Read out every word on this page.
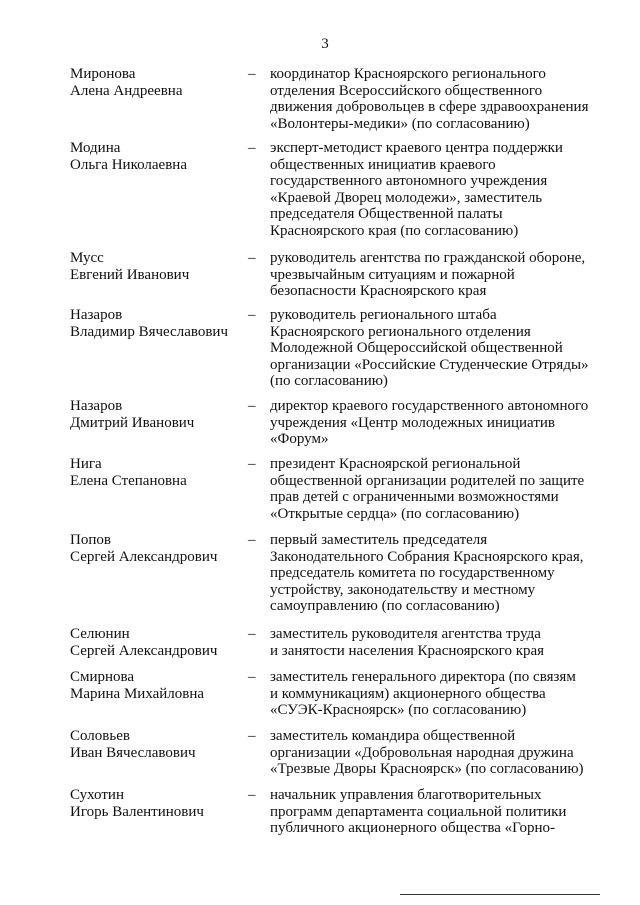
3
Миронова
Алена Андреевна
– координатор Красноярского регионального
отделения Всероссийского общественного
движения добровольцев в сфере здравоохранения
«Волонтеры-медики» (по согласованию)
Модина
Ольга Николаевна
– эксперт-методист краевого центра поддержки
общественных инициатив краевого
государственного автономного учреждения
«Краевой Дворец молодежи», заместитель
председателя Общественной палаты
Красноярского края (по согласованию)
Мусс
Евгений Иванович
– руководитель агентства по гражданской обороне,
чрезвычайным ситуациям и пожарной
безопасности Красноярского края
Назаров
Владимир Вячеславович
– руководитель регионального штаба
Красноярского регионального отделения
Молодежной Общероссийской общественной
организации «Российские Студенческие Отряды»
(по согласованию)
Назаров
Дмитрий Иванович
– директор краевого государственного автономного
учреждения «Центр молодежных инициатив
«Форум»
Нига
Елена Степановна
– президент Красноярской региональной
общественной организации родителей по защите
прав детей с ограниченными возможностями
«Открытые сердца» (по согласованию)
Попов
Сергей Александрович
– первый заместитель председателя
Законодательного Собрания Красноярского края,
председатель комитета по государственному
устройству, законодательству и местному
самоуправлению (по согласованию)
Селюнин
Сергей Александрович
– заместитель руководителя агентства труда
и занятости населения Красноярского края
Смирнова
Марина Михайловна
– заместитель генерального директора (по связям
и коммуникациям) акционерного общества
«СУЭК-Красноярск» (по согласованию)
Соловьев
Иван Вячеславович
– заместитель командира общественной
организации «Добровольная народная дружина
«Трезвые Дворы Красноярск» (по согласованию)
Сухотин
Игорь Валентинович
– начальник управления благотворительных
программ департамента социальной политики
публичного акционерного общества «Горно-
